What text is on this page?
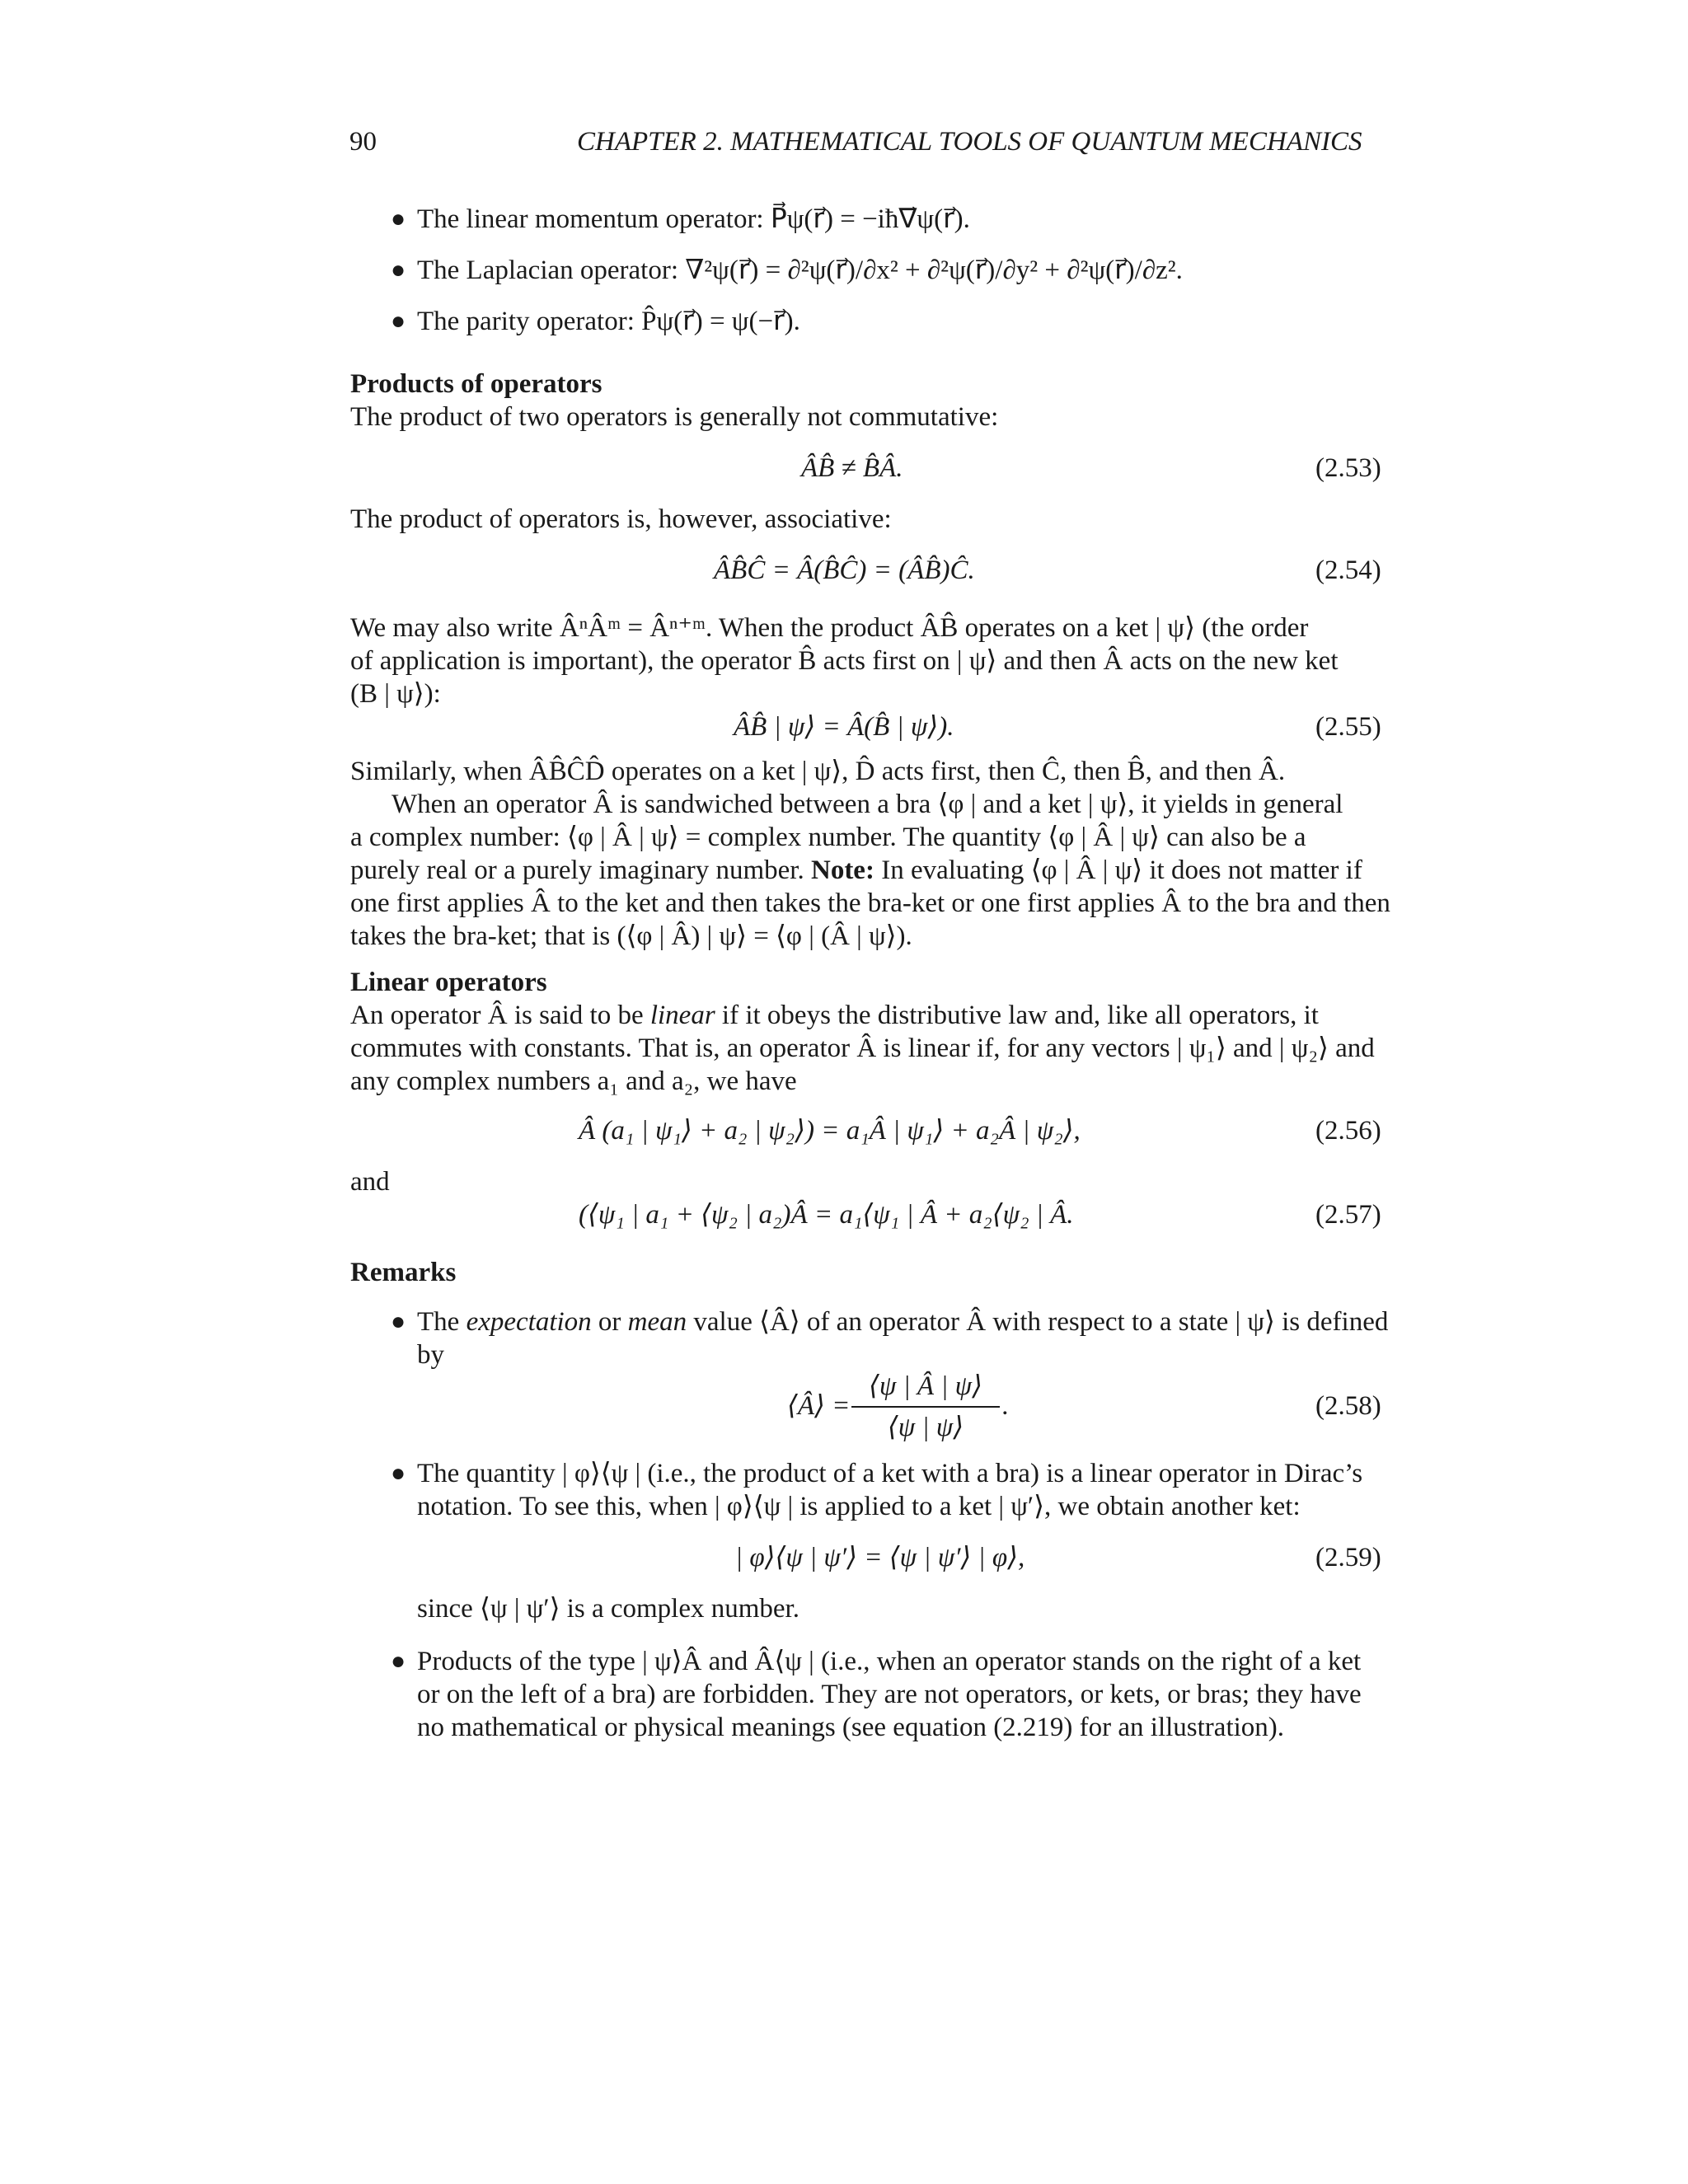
90	CHAPTER 2. MATHEMATICAL TOOLS OF QUANTUM MECHANICS
● The linear momentum operator: P⃗ψ(r⃗) = −iħ∇⃗ψ(r⃗).
● The Laplacian operator: ∇²ψ(r⃗) = ∂²ψ(r⃗)/∂x² + ∂²ψ(r⃗)/∂y² + ∂²ψ(r⃗)/∂z².
● The parity operator: P̂ψ(r⃗) = ψ(−r⃗).
Products of operators
The product of two operators is generally not commutative:
ÂB̂ ≠ B̂Â.	(2.53)
The product of operators is, however, associative:
ÂB̂Ĉ = Â(B̂Ĉ) = (ÂB̂)Ĉ.	(2.54)
We may also write ÂⁿÂᵐ = Âⁿ⁺ᵐ. When the product ÂB̂ operates on a ket | ψ⟩ (the order
of application is important), the operator B̂ acts first on | ψ⟩ and then Â acts on the new ket
(B | ψ⟩):
ÂB̂ | ψ⟩ = Â(B̂ | ψ⟩).	(2.55)
Similarly, when ÂB̂ĈD̂ operates on a ket | ψ⟩, D̂ acts first, then Ĉ, then B̂, and then Â.
When an operator Â is sandwiched between a bra ⟨φ | and a ket | ψ⟩, it yields in general
a complex number: ⟨φ | Â | ψ⟩ = complex number. The quantity ⟨φ | Â | ψ⟩ can also be a
purely real or a purely imaginary number. Note: In evaluating ⟨φ | Â | ψ⟩ it does not matter if
one first applies Â to the ket and then takes the bra-ket or one first applies Â to the bra and then
takes the bra-ket; that is (⟨φ | Â) | ψ⟩ = ⟨φ | (Â | ψ⟩).
Linear operators
An operator Â is said to be linear if it obeys the distributive law and, like all operators, it
commutes with constants. That is, an operator Â is linear if, for any vectors | ψ₁⟩ and | ψ₂⟩ and
any complex numbers a₁ and a₂, we have
Â (a₁ | ψ₁⟩ + a₂ | ψ₂⟩) = a₁Â | ψ₁⟩ + a₂Â | ψ₂⟩,	(2.56)
and
(⟨ψ₁ | a₁ + ⟨ψ₂ | a₂)Â = a₁⟨ψ₁ | Â + a₂⟨ψ₂ | Â.	(2.57)
Remarks
● The expectation or mean value ⟨Â⟩ of an operator Â with respect to a state | ψ⟩ is defined
by
⟨Â⟩ = $\frac{⟨\psi | Â | \psi⟩}{⟨\psi | \psi⟩}$ .	(2.58)
● The quantity | φ⟩⟨ψ | (i.e., the product of a ket with a bra) is a linear operator in Dirac’s
notation. To see this, when | φ⟩⟨ψ | is applied to a ket | ψ′⟩, we obtain another ket:
| φ⟩⟨ψ | ψ′⟩ = ⟨ψ | ψ′⟩ | φ⟩,	(2.59)
since ⟨ψ | ψ′⟩ is a complex number.
● Products of the type | ψ⟩Â and Â⟨ψ | (i.e., when an operator stands on the right of a ket
or on the left of a bra) are forbidden. They are not operators, or kets, or bras; they have
no mathematical or physical meanings (see equation (2.219) for an illustration).
